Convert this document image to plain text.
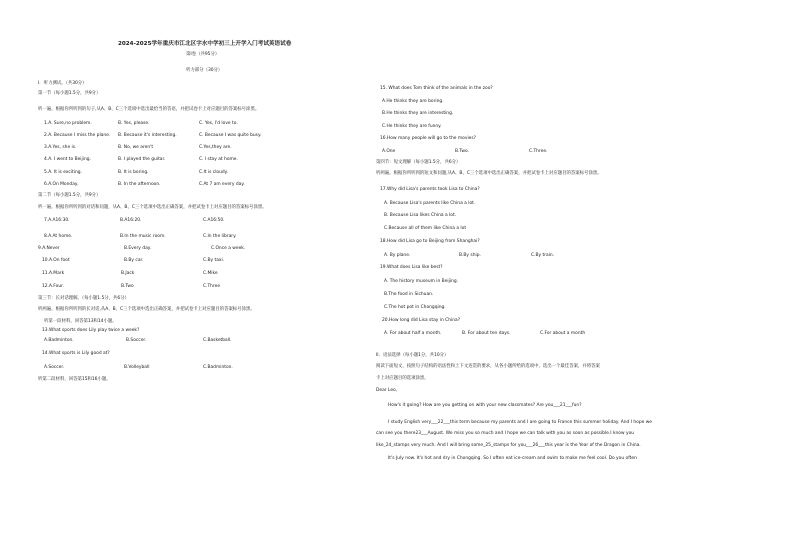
2024-2025学年重庆市江北区字水中学初三上开学入门考试英语试卷
第I卷（共95分）
听力部分（30分）
I．听力测试。（共30分）
第一节（每小题1.5分，共9分）
听一遍。根据你所听到的句子,从A、B、C三个选项中选出最恰当的答语，并把试卷卡上对应题目的答案标号涂黑。
1.A. Sure,no problem.	B. Yes, please.	C. Yes, I'd love to.
2.A. Because I miss the plane. B. Because it's interesting.	C. Because I was quite busy.
3.A.Yes, she is.	B. No, we aren't	C.Yes,they are.
4.A. I went to Beijing.	B. I played the guitar.	C. I stay at home.
5.A. It is exciting.	B. It is boring.	C.It is cloudy.
6.A.On Monday.	B. In the afternoon.	C.At 7 am every day.
第二节（每小题1.5分，共9分）
听一遍。根据你所听到的对话和问题，从A、B、C三个选项中选出正确答案，并把试卷卡上对应题目的答案标号涂黑。
7.A.A16:30.	B.A16:20.	C.A16:50.
8.A.At home.	B.In the music room.	C.In the library.
9.A.Never	B.Every day.	C.Once a week.
10.A.On foot	B.By car.	C.By taxi.
11.A.Mark	B.Jack	C.Mike
12.A.Four.	B.Two	C.Three
第三节：长对话理解。（每小题1.5分，共6分）
听两遍。根据你所听到的长对话,从A、B、C三个选项中选出正确答案，并把试卷卡上对应题目的答案标号涂黑。
听第一段材料，回答第13和14小题。
13.What sports does Lily play twice a week?
A.Badminton.	B.Soccer.	C.Basketball.
14.What sports is Lily good at?
A.Soccer.	B.Volleyball	C.Badminton.
听第二段材料，回答第15和16小题。
15. What does Tom think of the animals in the zoo?
A.He thinks they are boring.
B.He thinks they are interesting.
C.He thinks they are funny.
16.How many people will go to the movies?
A.One	B.Two.	C.Three.
第四节：短文理解（每小题1.5分，共6分）
听两遍。根据你所听到的短文和问题,从A、B、C三个选项中选出正确答案，并把试卷卡上对应题目的答案标号涂黑。
17.Why did Lisa's parents took Lisa to China?
A. Because Lisa's parents like China a lot.
B. Because Lisa likes China a lot.
C.Because all of them like China a lot
18.How did Lisa go to Beijing from Shanghai?
A. By plane.	B.By ship.	C.By train.
19.What does Lisa like best?
A. The history museum in Beijing.
B.The food in Sichuan.
C.The hot pot in Chongqing.
20.How long did Lisa stay in China?
A. For about half a month.	B. For about ten days.	C.For about a month
II．语法选择（每小题1分，共10分）
阅读下面短文，按照句子结构的语法性和上下文连贯的要求，从各小题所给的选项中，选出一个最佳答案，并将答案
卡上对应题目的选项涂黑。
Dear Leo,
How's it going? How are you getting on with your new classmates? Are you___21___fun?
I study English very___22___this term because my parents and I are going to France this summer holiday. And I hope we
can see you there23___August. We miss you so much and I hope we can talk with you as soon as possible.I know you
like_24_stamps very much. And I will bring some_25_stamps for you___26___this year is the Year of the Dragon in China.
It's July now. It's hot and dry in Chongqing. So I often eat ice-cream and swim to make me feel cool. Do you often
